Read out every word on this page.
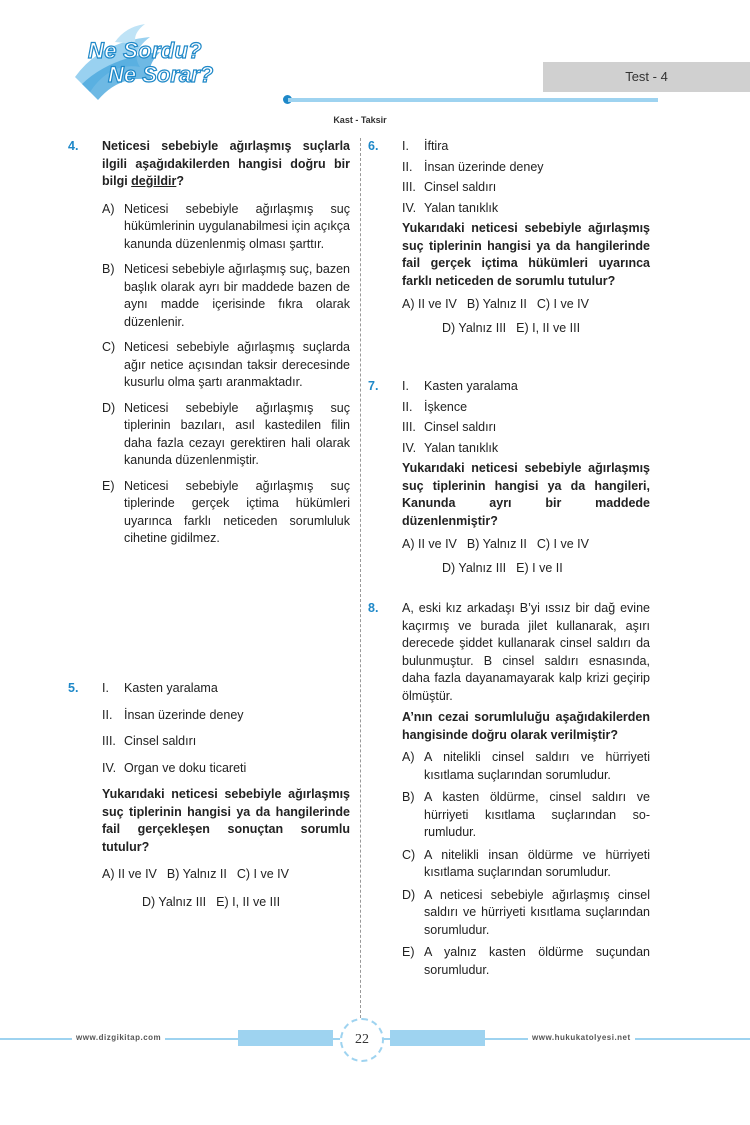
Ne Sordu?
Ne Sorar?	Test - 4
Kast - Taksir
4. Neticesi sebebiyle ağırlaşmış suçlarla ilgili aşağıdakilerden hangisi doğru bir bilgi değildir?
A) Neticesi sebebiyle ağırlaşmış suç hükümlerinin uygulanabilmesi için açıkça kanunda düzenlenmiş olması şarttır.
B) Neticesi sebebiyle ağırlaşmış suç, bazen başlık olarak ayrı bir maddede bazen de aynı madde içerisinde fıkra olarak düzenlenir.
C) Neticesi sebebiyle ağırlaşmış suçlarda ağır netice açısından taksir derecesinde kusurlu olma şartı aranmaktadır.
D) Neticesi sebebiyle ağırlaşmış suç tiplerinin bazıları, asıl kastedilen filin daha fazla cezayı gerektiren hali olarak kanunda düzenlenmiştir.
E) Neticesi sebebiyle ağırlaşmış suç tiplerinde gerçek içtima hükümleri uyarınca farklı neticeden sorumluluk cihetine gidilmez.
5. I.	Kasten yaralama
II. İnsan üzerinde deney
III. Cinsel saldırı
IV. Organ ve doku ticareti
Yukarıdaki neticesi sebebiyle ağırlaşmış suç tiplerinin hangisi ya da hangilerinde fail gerçekleşen sonuçtan sorumlu tutulur?
A) II ve IV B) Yalnız II C) I ve IV
D) Yalnız III E) I, II ve III
6. I.	İftira
II. İnsan üzerinde deney
III. Cinsel saldırı
IV. Yalan tanıklık
Yukarıdaki neticesi sebebiyle ağırlaşmış suç tiplerinin hangisi ya da hangilerinde fail gerçek içtima hükümleri uyarınca farklı neticeden de sorumlu tutulur?
A) II ve IV B) Yalnız II C) I ve IV
D) Yalnız III E) I, II ve III
7. I.	Kasten yaralama
II. İşkence
III. Cinsel saldırı
IV. Yalan tanıklık
Yukarıdaki neticesi sebebiyle ağırlaşmış suç tiplerinin hangisi ya da hangileri, Kanunda ayrı bir maddede düzenlenmiştir?
A) II ve IV B) Yalnız II C) I ve IV
D) Yalnız III E) I ve II
8. A, eski kız arkadaşı B’yi ıssız bir dağ evine kaçırmış ve burada jilet kullanarak, aşırı derecede şiddet kullanarak cinsel saldırı da bulunmuştur. B cinsel saldırı esnasında, daha fazla dayanamayarak kalp krizi geçirip ölmüştür.
A’nın cezai sorumluluğu aşağıdakilerden hangisinde doğru olarak verilmiştir?
A) A nitelikli cinsel saldırı ve hürriyeti kısıtlama suçlarından sorumludur.
B) A kasten öldürme, cinsel saldırı ve hürriyeti kısıtlama suçlarından sorumludur.
C) A nitelikli insan öldürme ve hürriyeti kısıtlama suçlarından sorumludur.
D) A neticesi sebebiyle ağırlaşmış cinsel saldırı ve hürriyeti kısıtlama suçlarından sorumludur.
E) A yalnız kasten öldürme suçundan sorumludur.
www.dizgikitap.com	www.hukukatolyesi.net
22
